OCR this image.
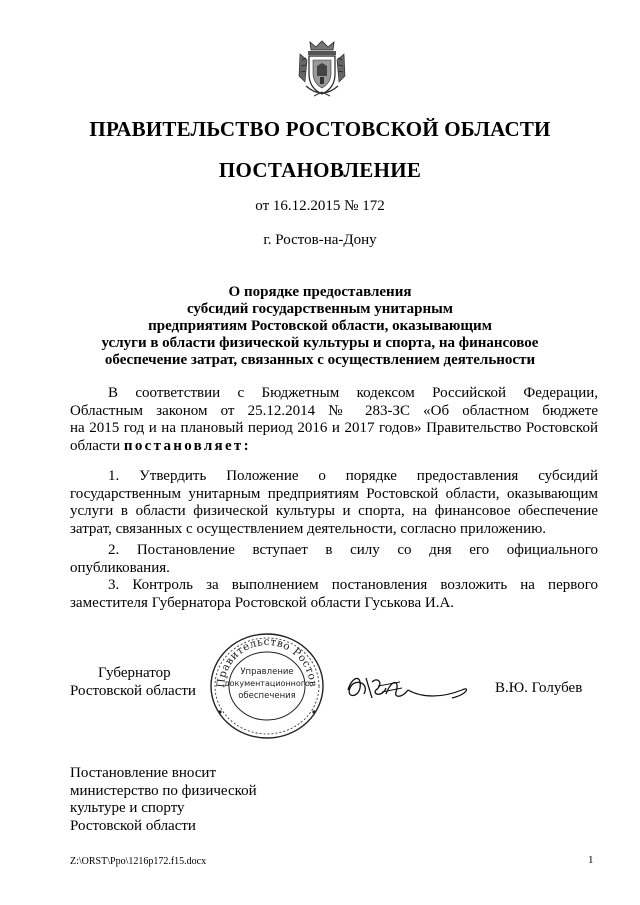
ПРАВИТЕЛЬСТВО РОСТОВСКОЙ ОБЛАСТИ
ПОСТАНОВЛЕНИЕ
от 16.12.2015 № 172
г. Ростов-на-Дону
О порядке предоставления
субсидий государственным унитарным
предприятиям Ростовской области, оказывающим
услуги в области физической культуры и спорта, на финансовое
обеспечение затрат, связанных с осуществлением деятельности
В соответствии с Бюджетным кодексом Российской Федерации,
Областным законом от 25.12.2014 № 283-ЗС «Об областном бюджете
на 2015 год и на плановый период 2016 и 2017 годов» Правительство Ростовской
области постановляет:
1. Утвердить Положение о порядке предоставления субсидий
государственным унитарным предприятиям Ростовской области, оказывающим
услуги в области физической культуры и спорта, на финансовое обеспечение
затрат, связанных с осуществлением деятельности, согласно приложению.
2. Постановление вступает в силу со дня его официального
опубликования.
3. Контроль за выполнением постановления возложить на первого
заместителя Губернатора Ростовской области Гуськова И.А.
Губернатор
Ростовской области
Правительство Ростов
Управление
документационного
обеспечения	В.Ю. Голубев
Постановление вносит
министерство по физической
культуре и спорту
Ростовской области
Z:\ORST\Ppo\1216p172.f15.docx	1
